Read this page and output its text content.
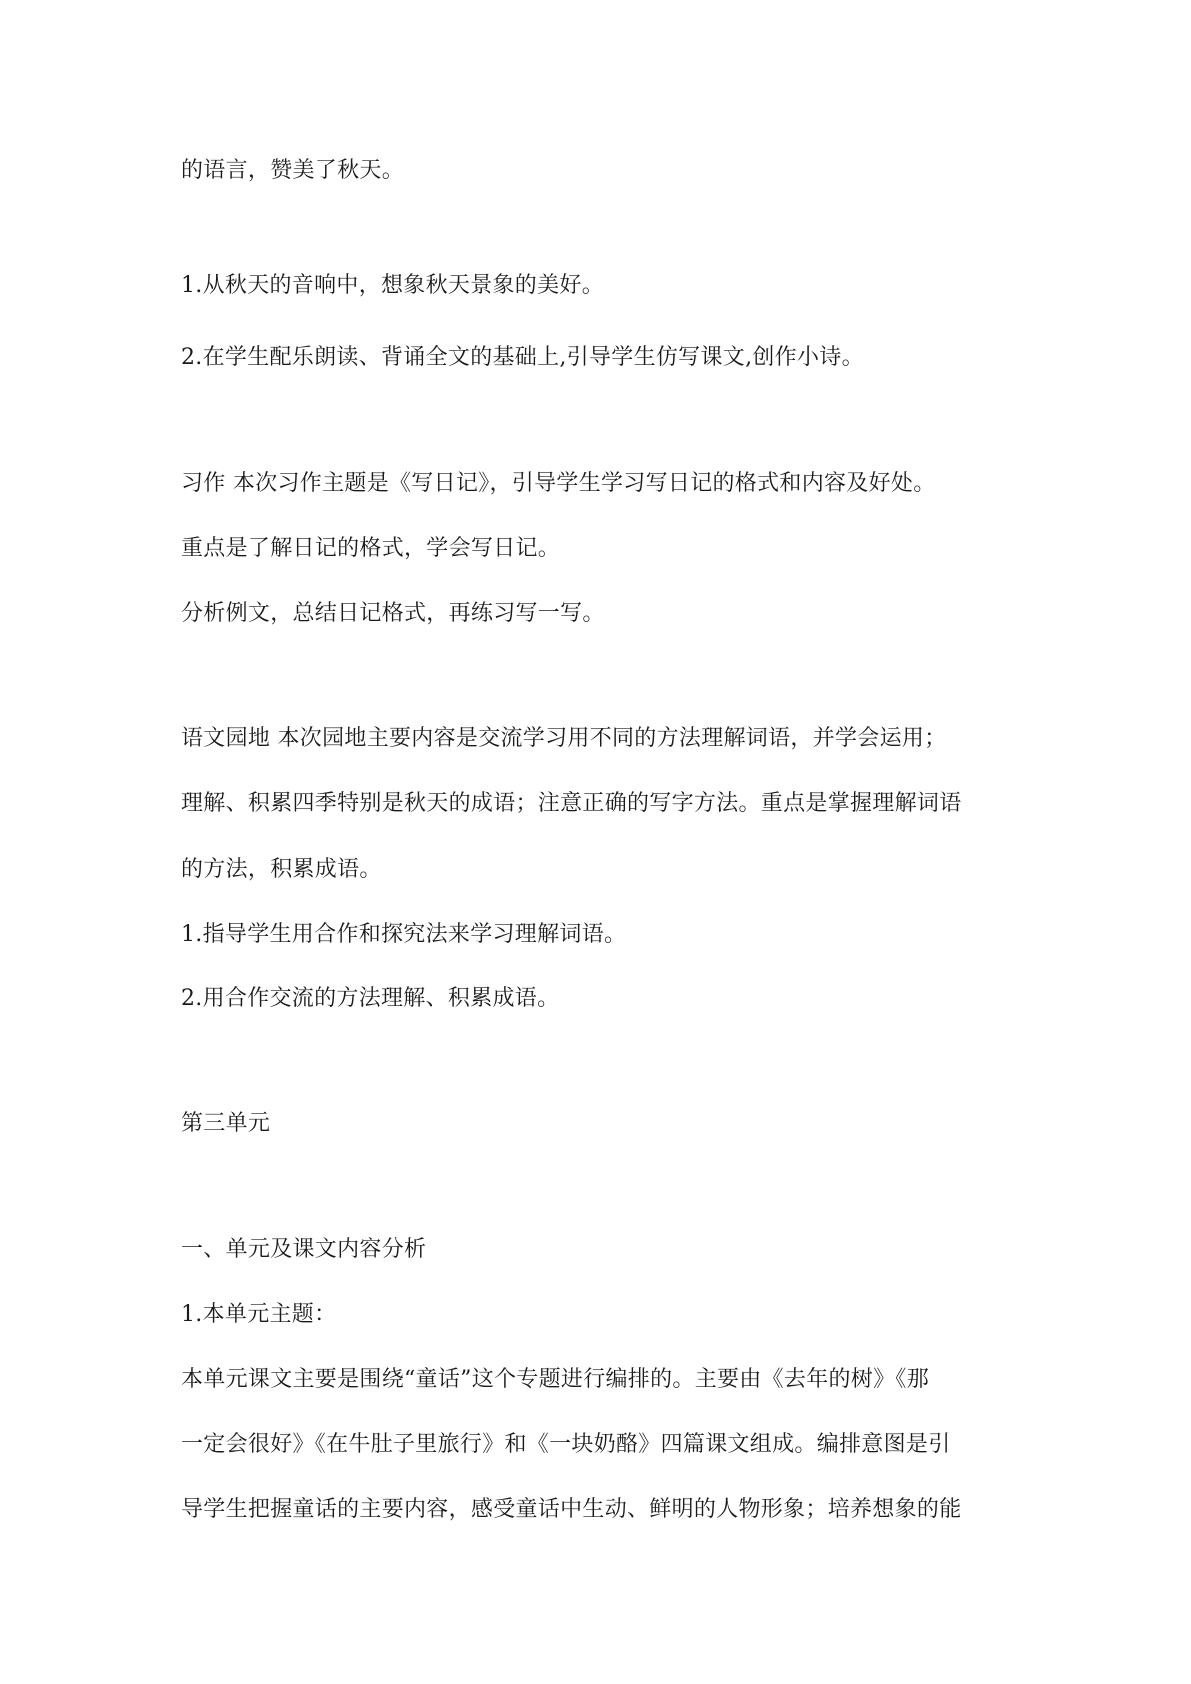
的语言，赞美了秋天。

1.从秋天的音响中，想象秋天景象的美好。

2.在学生配乐朗读、背诵全文的基础上,引导学生仿写课文,创作小诗。

习作 本次习作主题是《写日记》，引导学生学习写日记的格式和内容及好处。

重点是了解日记的格式，学会写日记。

分析例文，总结日记格式，再练习写一写。

语文园地 本次园地主要内容是交流学习用不同的方法理解词语，并学会运用；

理解、积累四季特别是秋天的成语；注意正确的写字方法。重点是掌握理解词语

的方法，积累成语。

1.指导学生用合作和探究法来学习理解词语。

2.用合作交流的方法理解、积累成语。

第三单元

一、单元及课文内容分析

1.本单元主题：

本单元课文主要是围绕“童话”这个专题进行编排的。主要由《去年的树》《那

一定会很好》《在牛肚子里旅行》和《一块奶酪》四篇课文组成。编排意图是引

导学生把握童话的主要内容，感受童话中生动、鲜明的人物形象；培养想象的能
